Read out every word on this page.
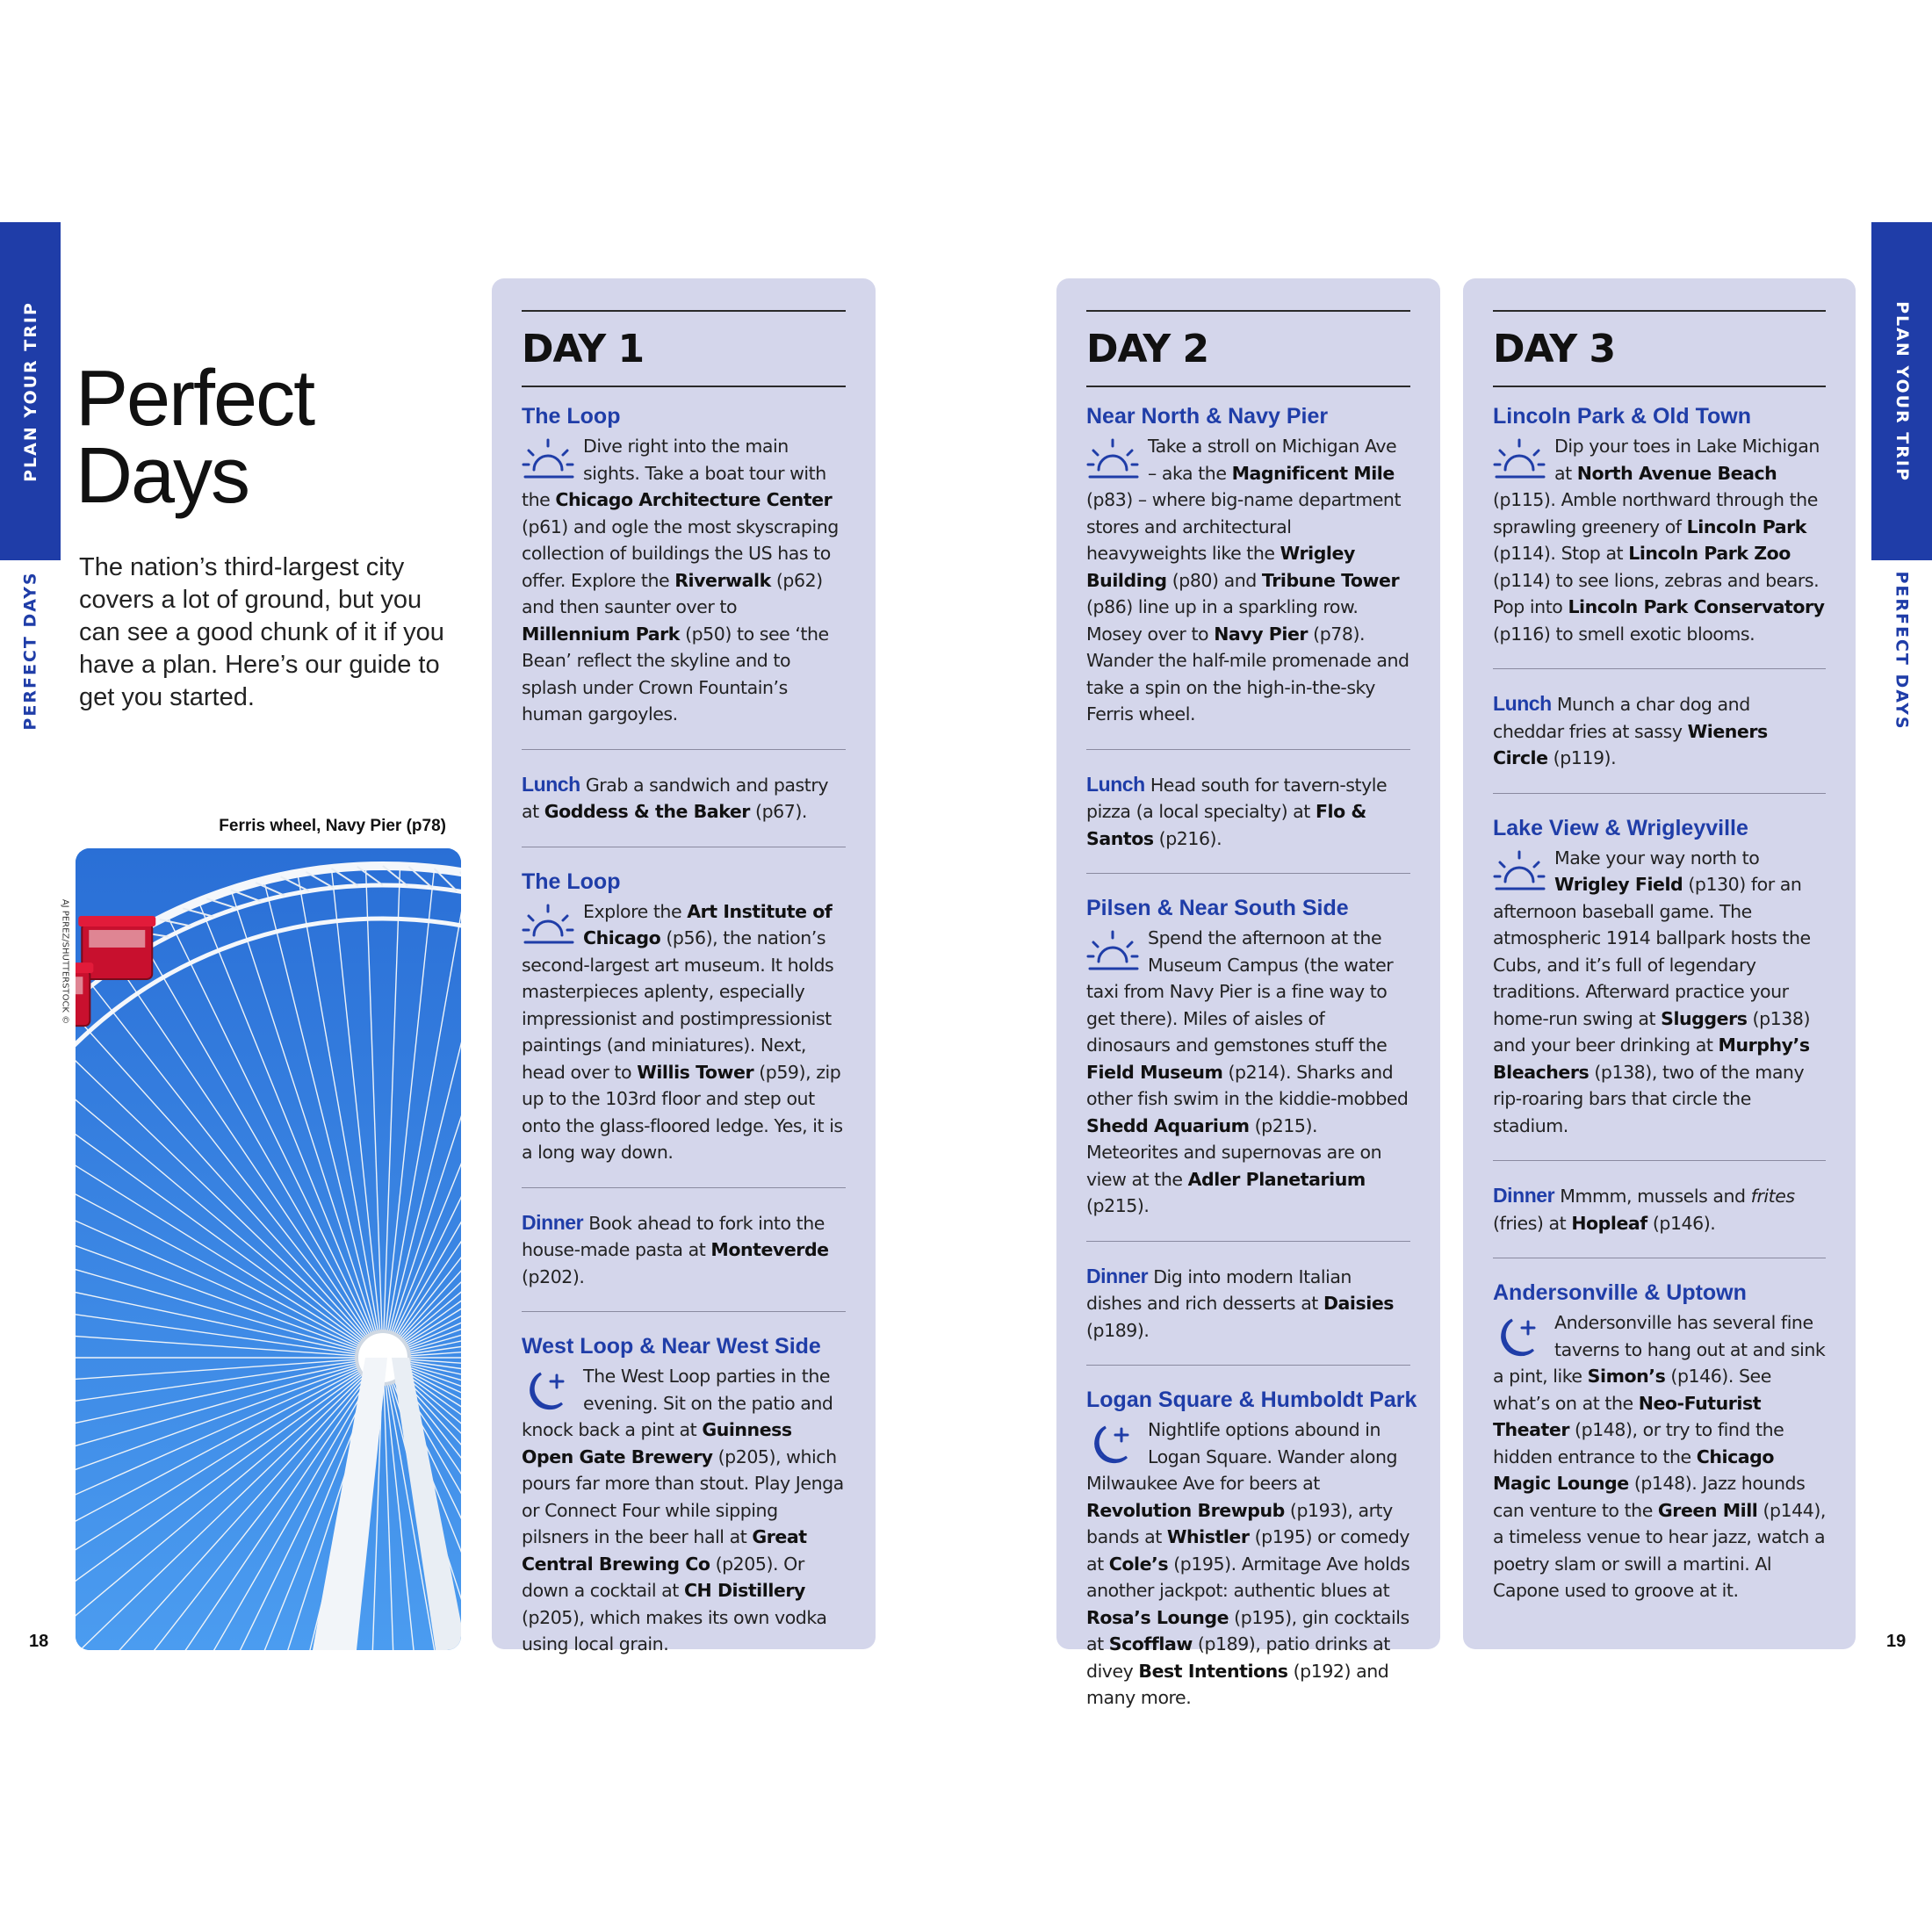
PLAN YOUR TRIP
PERFECT DAYS
PLAN YOUR TRIP
PERFECT DAYS
Perfect
Days

The nation’s third-largest city covers a lot of ground, but you can see a good chunk of it if you have a plan. Here’s our guide to get you started.

Ferris wheel, Navy Pier (p78)
AJ PEREZ/SHUTTERSTOCK ©
18	19
DAY 1
The Loop
Dive right into the main sights. Take a boat tour with the Chicago Architecture Center (p61) and ogle the most skyscraping collection of buildings the US has to offer. Explore the Riverwalk (p62) and then saunter over to Millennium Park (p50) to see ‘the Bean’ reflect the skyline and to splash under Crown Fountain’s human gargoyles.
Lunch Grab a sandwich and pastry at Goddess & the Baker (p67).
The Loop
Explore the Art Institute of Chicago (p56), the nation’s second-largest art museum. It holds masterpieces aplenty, especially impressionist and postimpressionist paintings (and miniatures). Next, head over to Willis Tower (p59), zip up to the 103rd floor and step out onto the glass-floored ledge. Yes, it is a long way down.
Dinner Book ahead to fork into the house-made pasta at Monteverde (p202).
West Loop & Near West Side
The West Loop parties in the evening. Sit on the patio and knock back a pint at Guinness Open Gate Brewery (p205), which pours far more than stout. Play Jenga or Connect Four while sipping pilsners in the beer hall at Great Central Brewing Co (p205). Or down a cocktail at CH Distillery (p205), which makes its own vodka using local grain.
DAY 2
Near North & Navy Pier
Take a stroll on Michigan Ave – aka the Magnificent Mile (p83) – where big-name department stores and architectural heavyweights like the Wrigley Building (p80) and Tribune Tower (p86) line up in a sparkling row. Mosey over to Navy Pier (p78). Wander the half-mile promenade and take a spin on the high-in-the-sky Ferris wheel.
Lunch Head south for tavern-style pizza (a local specialty) at Flo & Santos (p216).
Pilsen & Near South Side
Spend the afternoon at the Museum Campus (the water taxi from Navy Pier is a fine way to get there). Miles of aisles of dinosaurs and gemstones stuff the Field Museum (p214). Sharks and other fish swim in the kiddie-mobbed Shedd Aquarium (p215). Meteorites and supernovas are on view at the Adler Planetarium (p215).
Dinner Dig into modern Italian dishes and rich desserts at Daisies (p189).
Logan Square & Humboldt Park
Nightlife options abound in Logan Square. Wander along Milwaukee Ave for beers at Revolution Brewpub (p193), arty bands at Whistler (p195) or comedy at Cole’s (p195). Armitage Ave holds another jackpot: authentic blues at Rosa’s Lounge (p195), gin cocktails at Scofflaw (p189), patio drinks at divey Best Intentions (p192) and many more.
DAY 3
Lincoln Park & Old Town
Dip your toes in Lake Michigan at North Avenue Beach (p115). Amble northward through the sprawling greenery of Lincoln Park (p114). Stop at Lincoln Park Zoo (p114) to see lions, zebras and bears. Pop into Lincoln Park Conservatory (p116) to smell exotic blooms.
Lunch Munch a char dog and cheddar fries at sassy Wieners Circle (p119).
Lake View & Wrigleyville
Make your way north to Wrigley Field (p130) for an afternoon baseball game. The atmospheric 1914 ballpark hosts the Cubs, and it’s full of legendary traditions. Afterward practice your home-run swing at Sluggers (p138) and your beer drinking at Murphy’s Bleachers (p138), two of the many rip-roaring bars that circle the stadium.
Dinner Mmmm, mussels and frites (fries) at Hopleaf (p146).
Andersonville & Uptown
Andersonville has several fine taverns to hang out at and sink a pint, like Simon’s (p146). See what’s on at the Neo-Futurist Theater (p148), or try to find the hidden entrance to the Chicago Magic Lounge (p148). Jazz hounds can venture to the Green Mill (p144), a timeless venue to hear jazz, watch a poetry slam or swill a martini. Al Capone used to groove at it.
